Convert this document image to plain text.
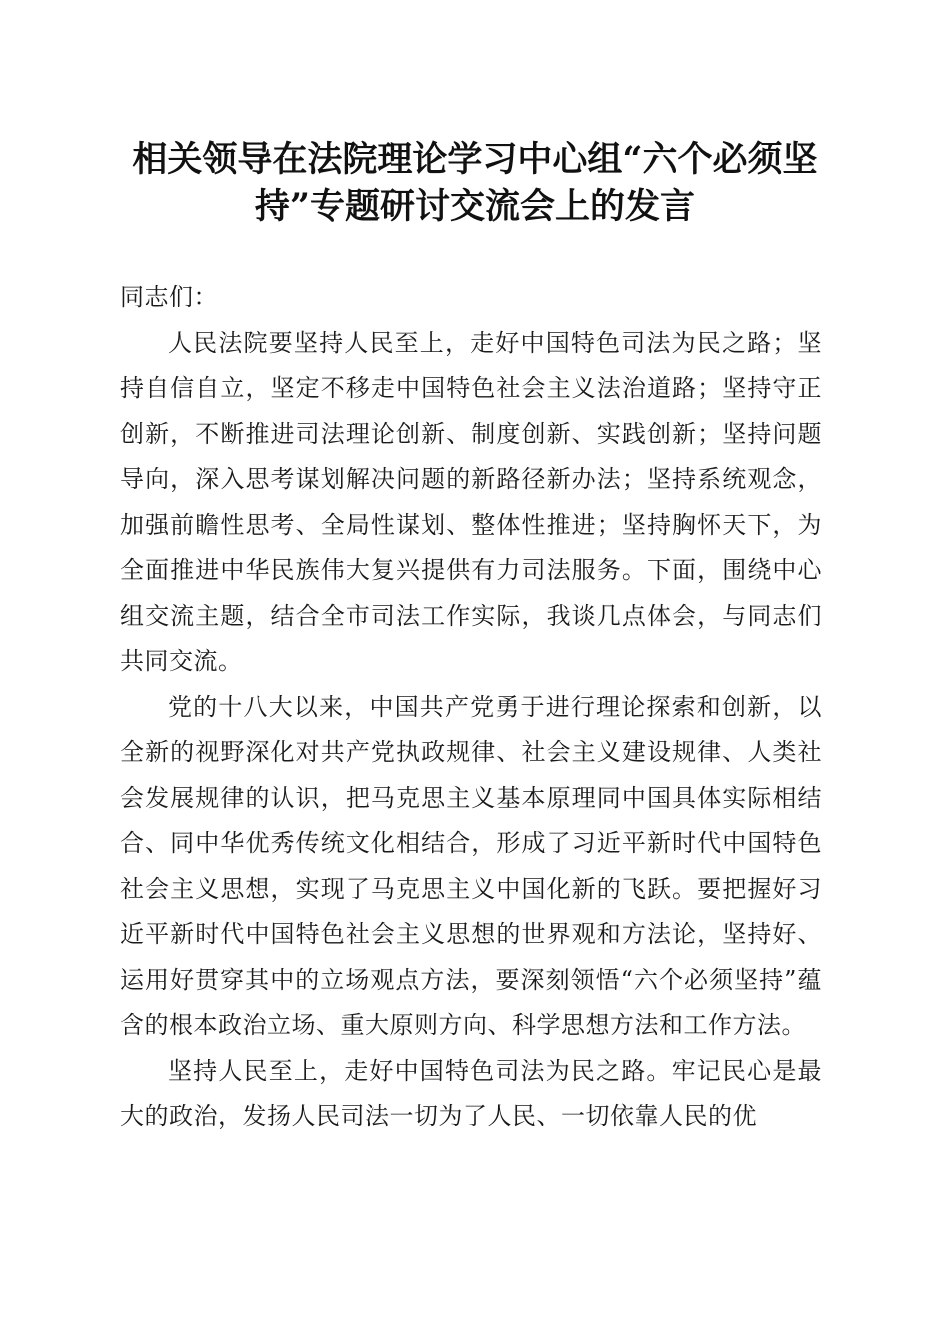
相关领导在法院理论学习中心组“六个必须坚
持”专题研讨交流会上的发言

同志们：

人民法院要坚持人民至上，走好中国特色司法为民之路；坚持自信自立，坚定不移走中国特色社会主义法治道路；坚持守正创新，不断推进司法理论创新、制度创新、实践创新；坚持问题导向，深入思考谋划解决问题的新路径新办法；坚持系统观念，加强前瞻性思考、全局性谋划、整体性推进；坚持胸怀天下，为全面推进中华民族伟大复兴提供有力司法服务。下面，围绕中心组交流主题，结合全市司法工作实际，我谈几点体会，与同志们共同交流。

党的十八大以来，中国共产党勇于进行理论探索和创新，以全新的视野深化对共产党执政规律、社会主义建设规律、人类社会发展规律的认识，把马克思主义基本原理同中国具体实际相结合、同中华优秀传统文化相结合，形成了习近平新时代中国特色社会主义思想，实现了马克思主义中国化新的飞跃。要把握好习近平新时代中国特色社会主义思想的世界观和方法论，坚持好、运用好贯穿其中的立场观点方法，要深刻领悟“六个必须坚持”蕴含的根本政治立场、重大原则方向、科学思想方法和工作方法。

坚持人民至上，走好中国特色司法为民之路。牢记民心是最大的政治，发扬人民司法一切为了人民、一切依靠人民的优
